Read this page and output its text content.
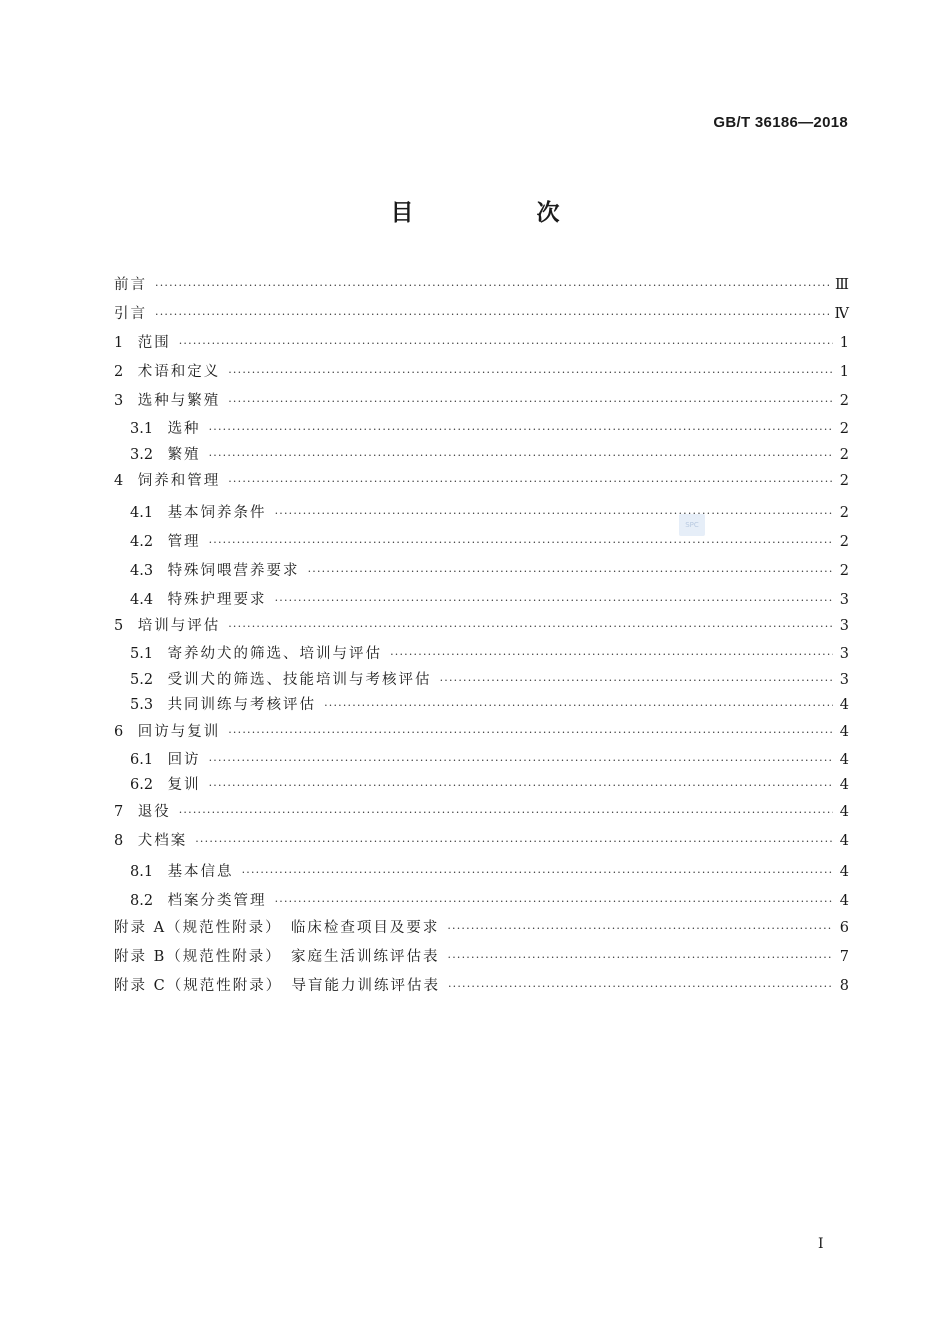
GB/T 36186—2018
目　次
前言 ·····	Ⅲ
引言 ·····	Ⅳ
1　 范围 ·····	1
2　 术语和定义 ·····	1
3　 选种与繁殖 ·····	2
3.1　 选种 ·····	2
3.2　 繁殖 ·····	2
4　 饲养和管理 ·····	2
4.1　 基本饲养条件 ·····	2
4.2　 管理 ·····	2
4.3　 特殊饲喂营养要求 ·····	2
4.4　 特殊护理要求 ·····	3
5　 培训与评估 ·····	3
5.1　 寄养幼犬的筛选、培训与评估 ·····	3
5.2　 受训犬的筛选、技能培训与考核评估 ·····	3
5.3　 共同训练与考核评估 ·····	4
6　 回访与复训 ·····	4
6.1　 回访 ·····	4
6.2　 复训 ·····	4
7　 退役 ·····	4
8　 犬档案 ·····	4
8.1　 基本信息 ·····	4
8.2　 档案分类管理 ·····	4
附录 A（规范性附录）　临床检查项目及要求 ·····	6
附录 B（规范性附录）　家庭生活训练评估表 ·····	7
附录 C（规范性附录）　导盲能力训练评估表 ·····	8
SPC
Ⅰ
